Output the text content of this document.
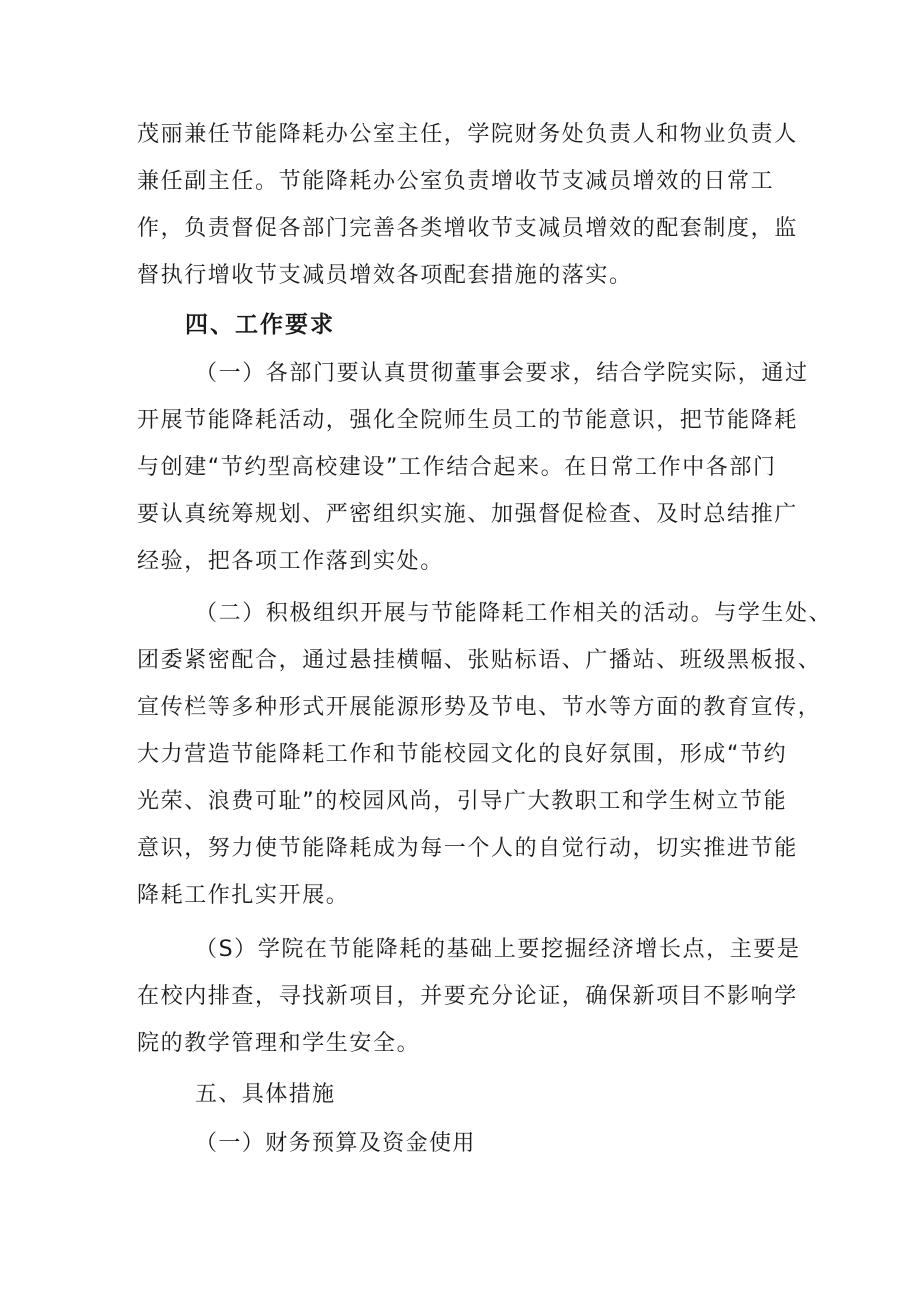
茂丽兼任节能降耗办公室主任，学院财务处负责人和物业负责人
兼任副主任。节能降耗办公室负责增收节支减员增效的日常工
作，负责督促各部门完善各类增收节支减员增效的配套制度，监
督执行增收节支减员增效各项配套措施的落实。
四、工作要求
（一）各部门要认真贯彻董事会要求，结合学院实际，通过
开展节能降耗活动，强化全院师生员工的节能意识，把节能降耗
与创建“节约型高校建设”工作结合起来。在日常工作中各部门
要认真统筹规划、严密组织实施、加强督促检查、及时总结推广
经验，把各项工作落到实处。
（二）积极组织开展与节能降耗工作相关的活动。与学生处、
团委紧密配合，通过悬挂横幅、张贴标语、广播站、班级黑板报、
宣传栏等多种形式开展能源形势及节电、节水等方面的教育宣传，
大力营造节能降耗工作和节能校园文化的良好氛围，形成“节约
光荣、浪费可耻”的校园风尚，引导广大教职工和学生树立节能
意识，努力使节能降耗成为每一个人的自觉行动，切实推进节能
降耗工作扎实开展。
（S）学院在节能降耗的基础上要挖掘经济增长点，主要是
在校内排查，寻找新项目，并要充分论证，确保新项目不影响学
院的教学管理和学生安全。
五、具体措施
（一）财务预算及资金使用
